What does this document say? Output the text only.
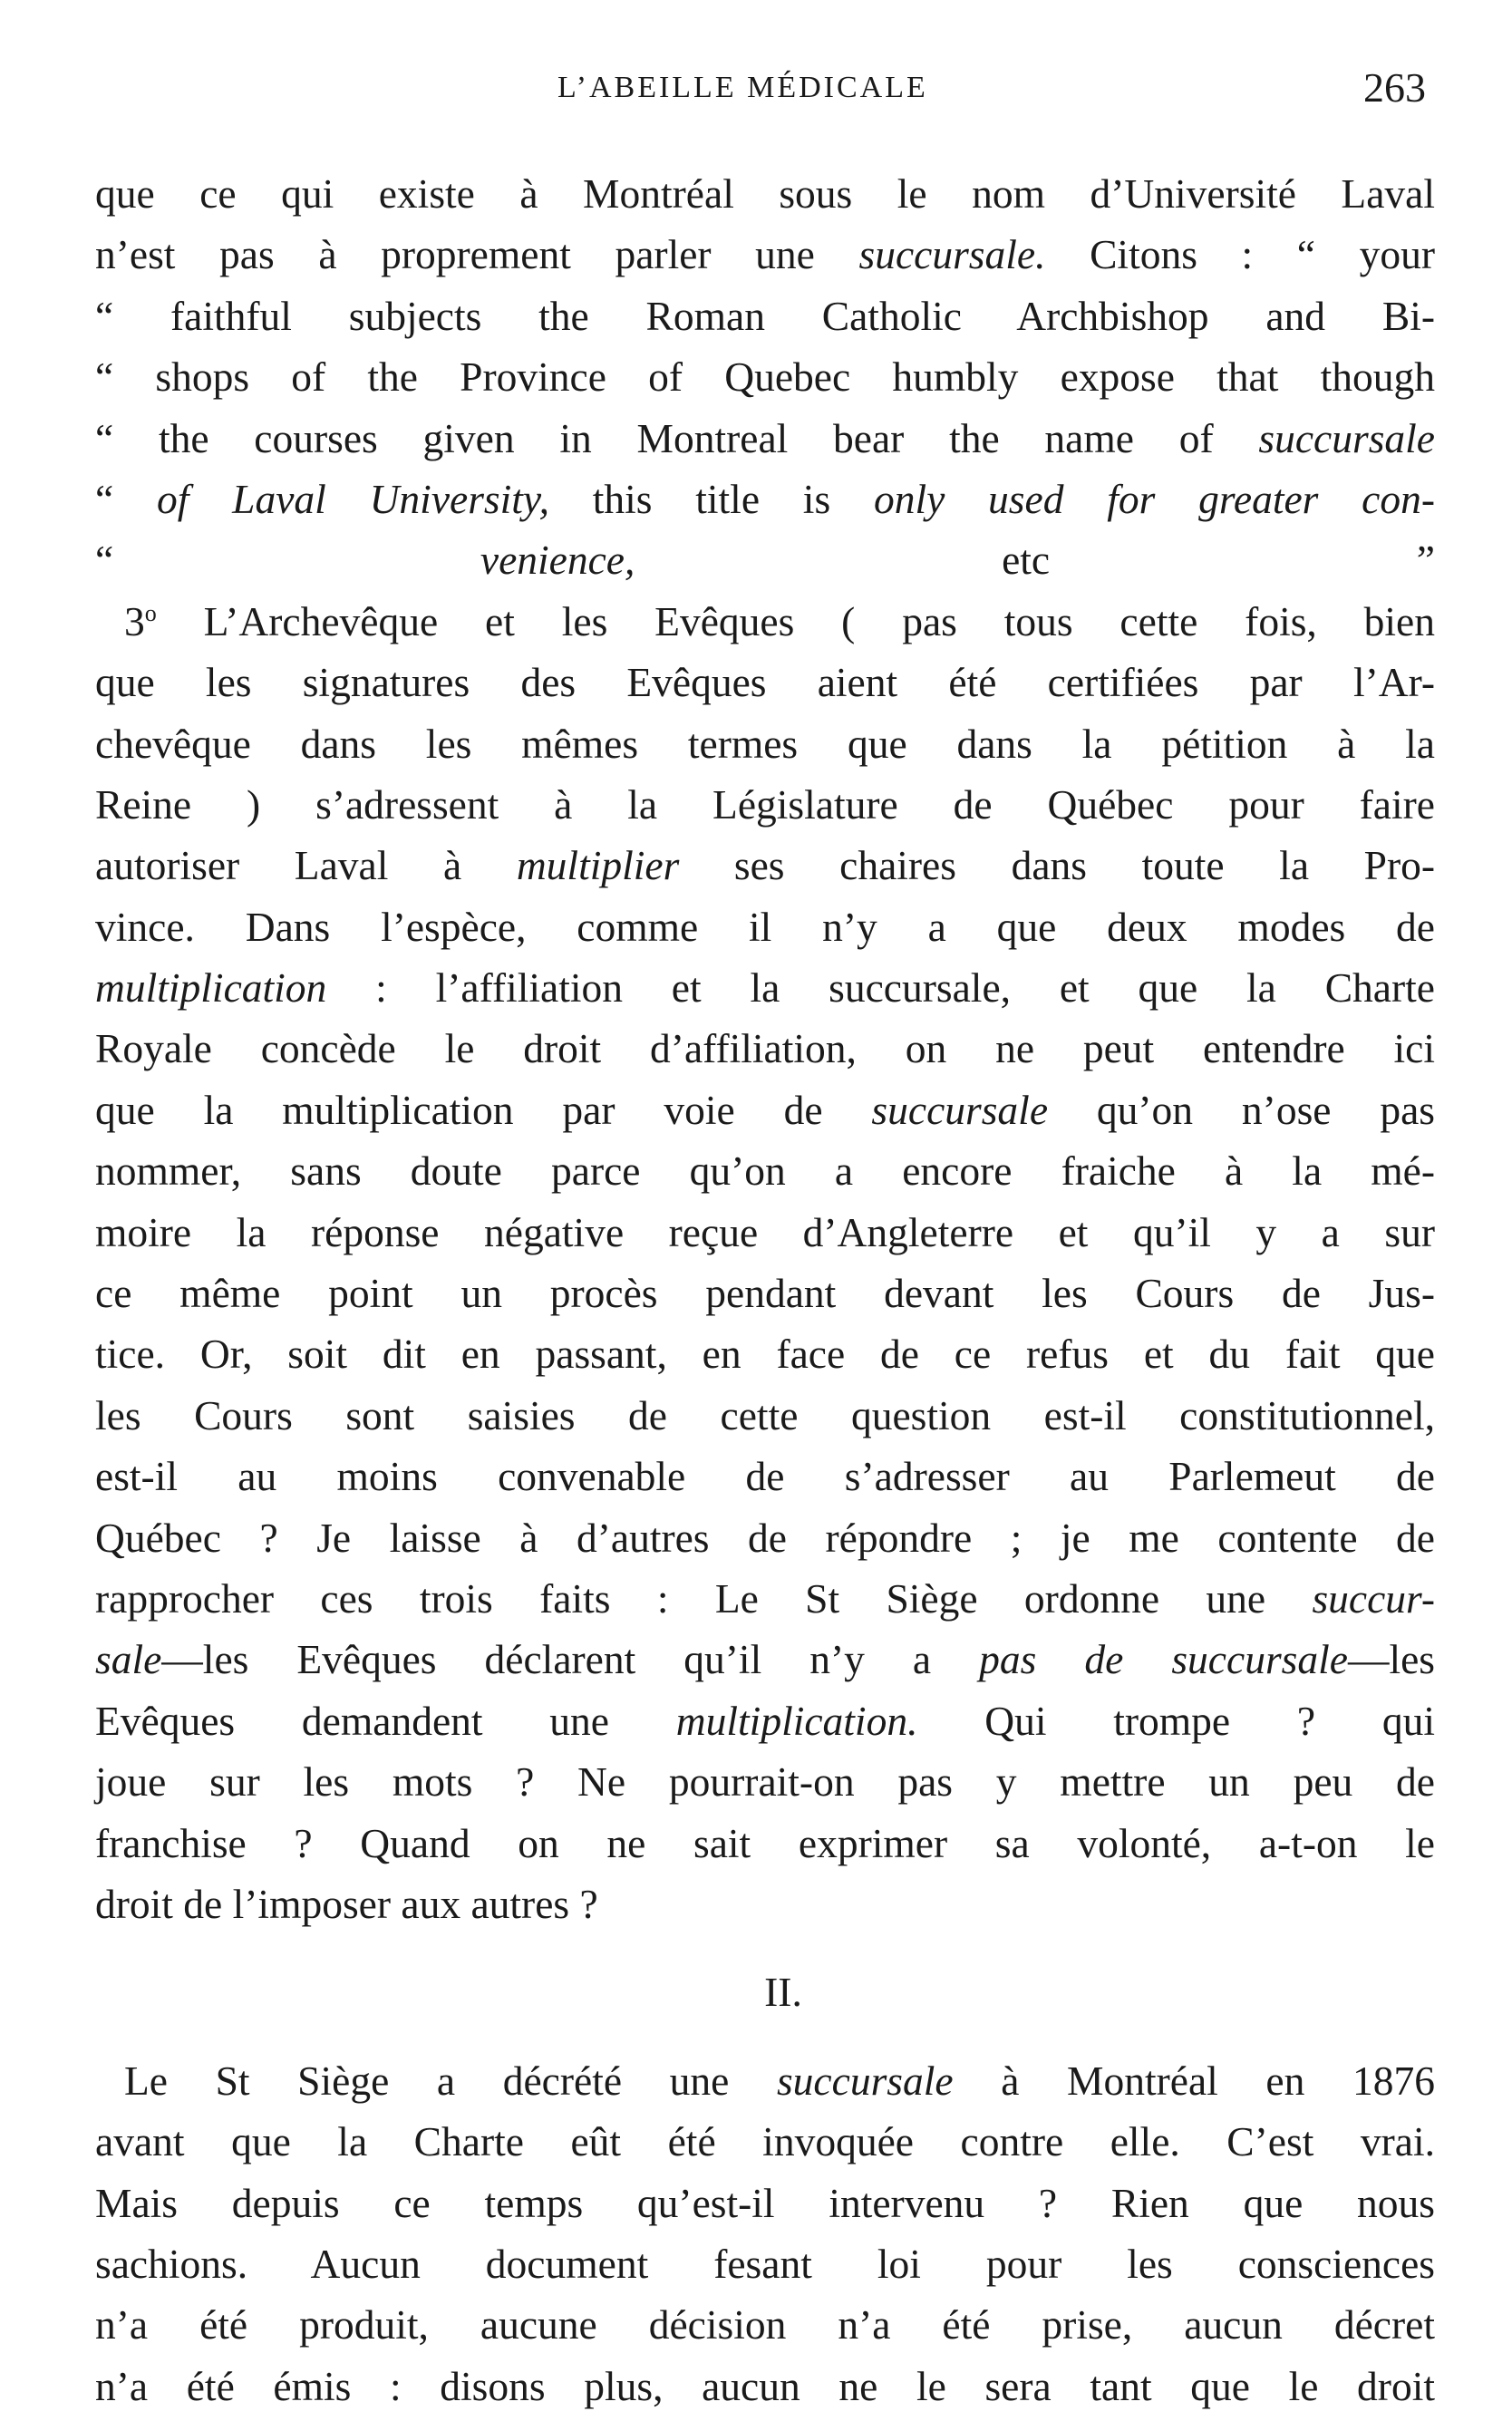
L’ABEILLE MÉDICALE	263
que ce qui existe à Montréal sous le nom d’Université Laval
n’est pas à proprement parler une succursale. Citons : “ your
“ faithful subjects the Roman Catholic Archbishop and Bi-
“ shops of the Province of Quebec humbly expose that though
“ the courses given in Montreal bear the name of succursale
“ of Laval University, this title is only used for greater con-
“ venience, etc ”
3$^o$ L’Archevêque et les Evêques ( pas tous cette fois, bien
que les signatures des Evêques aient été certifiées par l’Ar-
chevêque dans les mêmes termes que dans la pétition à la
Reine ) s’adressent à la Législature de Québec pour faire
autoriser Laval à multiplier ses chaires dans toute la Pro-
vince. Dans l’espèce, comme il n’y a que deux modes de
multiplication : l’affiliation et la succursale, et que la Charte
Royale concède le droit d’affiliation, on ne peut entendre ici
que la multiplication par voie de succursale qu’on n’ose pas
nommer, sans doute parce qu’on a encore fraiche à la mé-
moire la réponse négative reçue d’Angleterre et qu’il y a sur
ce même point un procès pendant devant les Cours de Jus-
tice. Or, soit dit en passant, en face de ce refus et du fait que
les Cours sont saisies de cette question est-il constitutionnel,
est-il au moins convenable de s’adresser au Parlemeut de
Québec ? Je laisse à d’autres de répondre ; je me contente de
rapprocher ces trois faits : Le St Siège ordonne une succur-
sale—les Evêques déclarent qu’il n’y a pas de succursale—les
Evêques demandent une multiplication. Qui trompe ? qui
joue sur les mots ? Ne pourrait-on pas y mettre un peu de
franchise ? Quand on ne sait exprimer sa volonté, a-t-on le
droit de l’imposer aux autres ?
II.
Le St Siège a décrété une succursale à Montréal en 1876
avant que la Charte eût été invoquée contre elle. C’est vrai.
Mais depuis ce temps qu’est-il intervenu ? Rien que nous
sachions. Aucun document fesant loi pour les consciences
n’a été produit, aucune décision n’a été prise, aucun décret
n’a été émis : disons plus, aucun ne le sera tant que le droit
